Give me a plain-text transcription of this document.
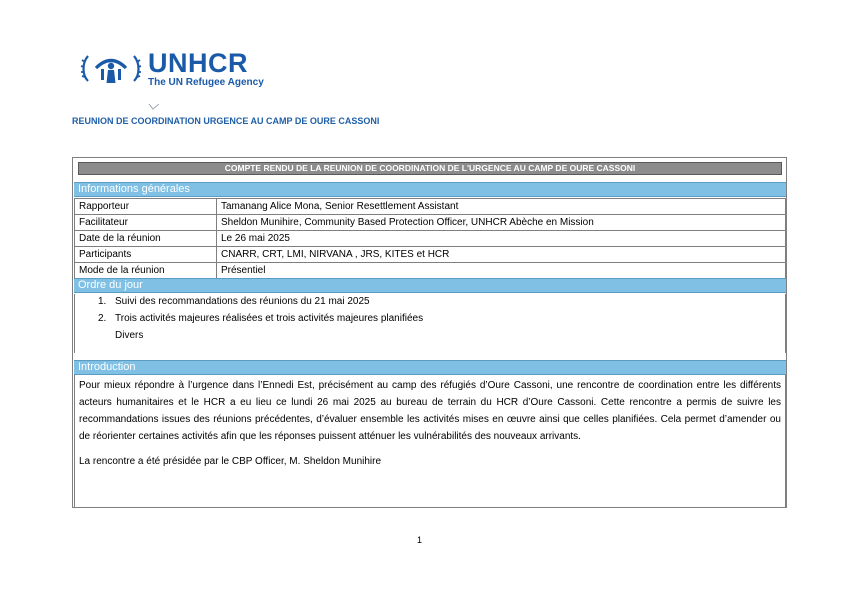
UNHCR
The UN Refugee Agency
REUNION DE COORDINATION URGENCE AU CAMP DE OURE CASSONI
COMPTE RENDU DE LA REUNION DE COORDINATION DE L'URGENCE AU CAMP DE OURE CASSONI
Informations générales
Rapporteur	Tamanang Alice Mona, Senior Resettlement Assistant
Facilitateur	Sheldon Munihire, Community Based Protection Officer, UNHCR Abèche en Mission
Date de la réunion	Le 26 mai 2025
Participants	CNARR, CRT, LMI, NIRVANA , JRS, KITES et HCR
Mode de la réunion	Présentiel
Ordre du jour
1. Suivi des recommandations des réunions du 21 mai 2025
2. Trois activités majeures réalisées et trois activités majeures planifiées
Divers
Introduction

Pour mieux répondre à l’urgence dans l’Ennedi Est, précisément au camp des réfugiés d’Oure Cassoni, une rencontre de coordination entre les différents acteurs humanitaires et le HCR a eu lieu ce lundi 26 mai 2025 au bureau de terrain du HCR d’Oure Cassoni. Cette rencontre a permis de suivre les recommandations issues des réunions précédentes, d’évaluer ensemble les activités mises en œuvre ainsi que celles planifiées. Cela permet d’amender ou de réorienter certaines activités afin que les réponses puissent atténuer les vulnérabilités des nouveaux arrivants.

La rencontre a été présidée par le CBP Officer, M. Sheldon Munihire

1
